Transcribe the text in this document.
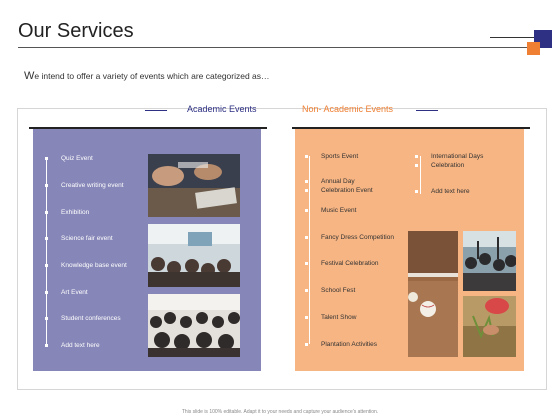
Our Services
We intend to offer a variety of events which are categorized as…
Academic Events	Non- Academic Events
Quiz Event
Creative writing event
Exhibition
Science fair event
Knowledge base event
Art Event
Student conferences
Add text here
Sports Event
Annual Day
Celebration Event
Music Event
Fancy Dress Competition
Festival Celebration
School Fest
Talent Show
Plantation Activities
International Days
Celebration
Add text here
This slide is 100% editable. Adapt it to your needs and capture your audience's attention.
